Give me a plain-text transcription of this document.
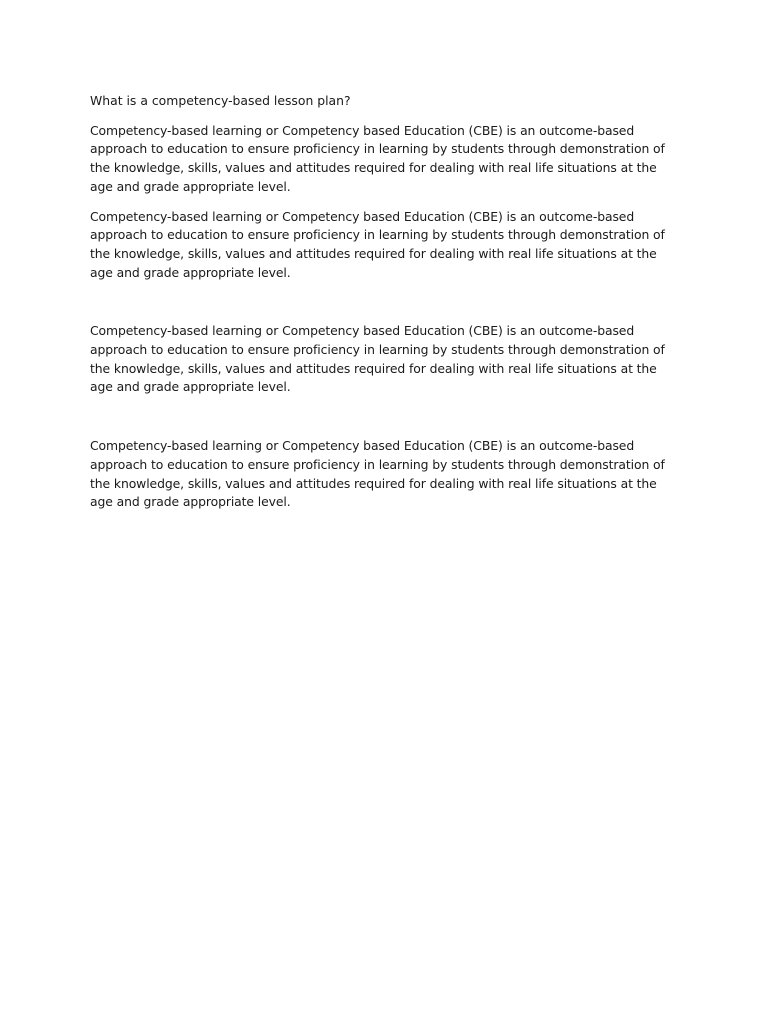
What is a competency-based lesson plan?

Competency-based learning or Competency based Education (CBE) is an outcome-based approach to education to ensure proficiency in learning by students through demonstration of the knowledge, skills, values and attitudes required for dealing with real life situations at the age and grade appropriate level.

Competency-based learning or Competency based Education (CBE) is an outcome-based approach to education to ensure proficiency in learning by students through demonstration of the knowledge, skills, values and attitudes required for dealing with real life situations at the age and grade appropriate level.

Competency-based learning or Competency based Education (CBE) is an outcome-based approach to education to ensure proficiency in learning by students through demonstration of the knowledge, skills, values and attitudes required for dealing with real life situations at the age and grade appropriate level.

Competency-based learning or Competency based Education (CBE) is an outcome-based approach to education to ensure proficiency in learning by students through demonstration of the knowledge, skills, values and attitudes required for dealing with real life situations at the age and grade appropriate level.
